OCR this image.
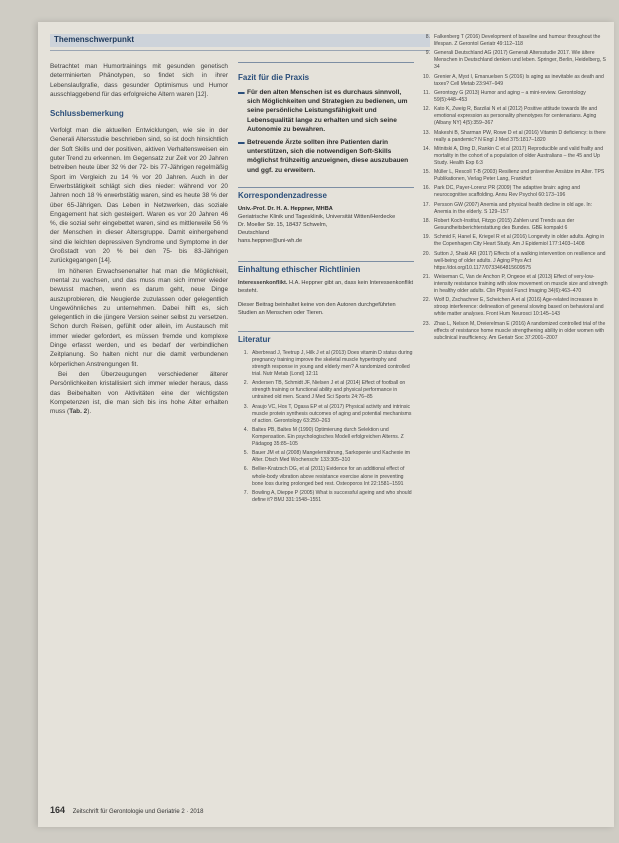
Themenschwerpunkt

Betrachtet man Humortrainings mit gesunden genetisch determinierten Phänotypen, so findet sich in ihrer Lebenslaufgrafie, dass gesunder Optimismus und Humor ausschlaggebend für das erfolgreiche Altern waren [12].

Schlussbemerkung

Verfolgt man die aktuellen Entwicklungen, wie sie in der Generali Altersstudie beschrieben sind, so ist doch hinsichtlich der Soft Skills und der positiven, aktiven Verhaltensweisen ein guter Trend zu erkennen. Im Gegensatz zur Zeit vor 20 Jahren betreiben heute über 32 % der 72- bis 77-Jährigen regelmäßig Sport im Vergleich zu 14 % vor 20 Jahren. Auch in der Erwerbstätigkeit schlägt sich dies nieder: während vor 20 Jahren noch 18 % erwerbstätig waren, sind es heute 38 % der über 65-Jährigen. Das Leben in Netzwerken, das soziale Engagement hat sich gesteigert. Waren es vor 20 Jahren 46 %, die sozial sehr eingebettet waren, sind es mittlerweile 56 % der Menschen in dieser Altersgruppe. Damit einhergehend sind die leichten depressiven Syndrome und Symptome in der Großstadt von 20 % bei den 75- bis 83-Jährigen zurückgegangen [14].

Im höheren Erwachsenenalter hat man die Möglichkeit, mental zu wachsen, und das muss man sich immer wieder bewusst machen, wenn es darum geht, neue Dinge auszuprobieren, die Neugierde zuzulassen oder gelegentlich Ungewöhnliches zu unternehmen. Dabei hilft es, sich gelegentlich in die jüngere Version seiner selbst zu versetzen. Schon durch Reisen, gefühlt oder allein, im Austausch mit immer wieder gefordert, es müssen fremde und komplexe Dinge erfasst werden, und es bedarf der verbindlichen Zeitplanung. So halten nicht nur die damit verbundenen körperlichen Anstrengungen fit.

Bei den Überzeugungen verschiedener älterer Persönlichkeiten kristallisiert sich immer wieder heraus, dass das Beibehalten von Aktivitäten eine der wichtigsten Kompetenzen ist, die man sich bis ins hohe Alter erhalten muss (Tab. 2).

Fazit für die Praxis
▬ Für den alten Menschen ist es durchaus sinnvoll, sich Möglichkeiten und Strategien zu bedienen, um seine persönliche Leistungsfähigkeit und Lebensqualität lange zu erhalten und sich seine Autonomie zu bewahren.
▬ Betreuende Ärzte sollten ihre Patienten darin unterstützen, sich die notwendigen Soft-Skills möglichst frühzeitig anzueignen, diese auszubauen und ggf. zu erweitern.
Korrespondenzadresse
Univ.-Prof. Dr. H. A. Heppner, MHBA
Geriatrische Klinik und Tagesklinik, Universität Witten/Herdecke
Dr. Moeller Str. 15, 18437 Schwelm,
Deutschland
hans.heppner@uni-wh.de
Einhaltung ethischer Richtlinien

Interessenkonflikt. H.A. Heppner gibt an, dass kein Interessenkonflikt besteht.

Dieser Beitrag beinhaltet keine von den Autoren durchgeführten Studien an Menschen oder Tieren.

Literatur
1. Aberbread J, Teetrup J, Hilk J et al (2013) Does vitamin D status during pregnancy training improve the skeletal muscle hypertrophy and strength response in young and elderly men? A randomized controlled trial. Nutr Metab (Lond) 12:11
2. Andersen TB, Schmidt JF, Nielsen J et al (2014) Effect of football on strength training or functional ability and physical performance in untrained old men. Scand J Med Sci Sports 24:76–85
3. Araujo VC, Hos T, Ogasa EP et al (2017) Physical activity and intrinsic muscle protein synthesis outcomes of aging and potential mechanisms of action. Gerontology 63:250–263
4. Baltes PB, Baltes M (1990) Optimierung durch Selektion und Kompensation. Ein psychologisches Modell erfolgreichen Alterns. Z Pädagog 35:85–105
5. Bauer JM et al (2008) Mangelernährung, Sarkopenie und Kachexie im Alter. Dtsch Med Wochenschr 133:305–310
6. Bellier-Kratzsch DG, et al (2011) Evidence for an additional effect of whole-body vibration above resistance exercise alone in preventing bone loss during prolonged bed rest. Osteoporos Int 22:1581–1591
7. Bowling A, Dieppe P (2005) What is successful ageing and who should define it? BMJ 331:1548–1551
8. Falkenberg T (2016) Development of baseline and humour throughout the lifespan. Z Gerontol Geriatr 49:112–118
9. Generali Deutschland AG (2017) Generali Altersstudie 2017. Wie ältere Menschen in Deutschland denken und leben. Springer, Berlin, Heidelberg, S 34
10. Grenier A, Myst I, Emanuelsen S (2016) Is aging as inevitable as death and taxes? Cell Metab 23:947–949
11. Gerontogy G (2013) Humor and aging – a mini-review. Gerontology 59(5):448–453
12. Kato K, Zweig R, Barzilai N et al (2012) Positive attitude towards life and emotional expression as personality phenotypes for centenarians. Aging (Albany NY) 4(5):359–367
13. Makeshi B, Sharman PW, Rowe D et al (2016) Vitamin D deficiency: is there really a pandemic? N Engl J Med 375:1817–1820
14. Mitnitski A, Ding D, Rankin C et al (2017) Reproducible and valid frailty and mortality in the cohort of a population of older Australians – the 45 and Up Study. Health Exp 6:3
15. Müller L, Rescoll T-B (2003) Resilienz und präventive Ansätze im Alter. TPS Publikationen, Verlag Peter Lang, Frankfurt
16. Park DC, Payer-Lorenz PR (2009) The adaptive brain: aging and neurocognitive scaffolding. Annu Rev Psychol 60:173–196
17. Persson GW (2007) Anemia and physical health decline in old age. In: Anemia in the elderly. S 129–157
18. Robert Koch-Institut, Fitzgo (2015) Zahlen und Trends aus der Gesundheitsberichterstattung des Bundes. GBE kompakt 6
19. Schmid F, Hanel E, Kriegel R et al (2016) Longevity in older adults. Aging in the Copenhagen City Heart Study. Am J Epidemiol 177:1403–1408
20. Sutton J, Shaki AR (2017) Effects of a walking intervention on resilience and well-being of older adults. J Aging Phys Act https://doi.org/10.1177/0733464815609575
21. Weiseman C, Van de Anchon P, Ongeoe et al (2013) Effect of very-low-intensity resistance training with slow movement on muscle size and strength in healthy older adults. Clin Physiol Funct Imaging 34(6):463–470
22. Wolf D, Zschachner E, Scheichen A et al (2016) Age-related increases in stroop interference: delineation of general slowing based on behavioral and white matter analyses. Front Hum Neurosci 10:145–143
23. Zhao L, Nelson M, Dreierelman E (2016) A randomized controlled trial of the effects of resistance home muscle strengthening ability in older women with subclinical insufficiency. Am Geriatr Soc 37:2001–2007
164 Zeitschrift für Gerontologie und Geriatrie 2 · 2018
